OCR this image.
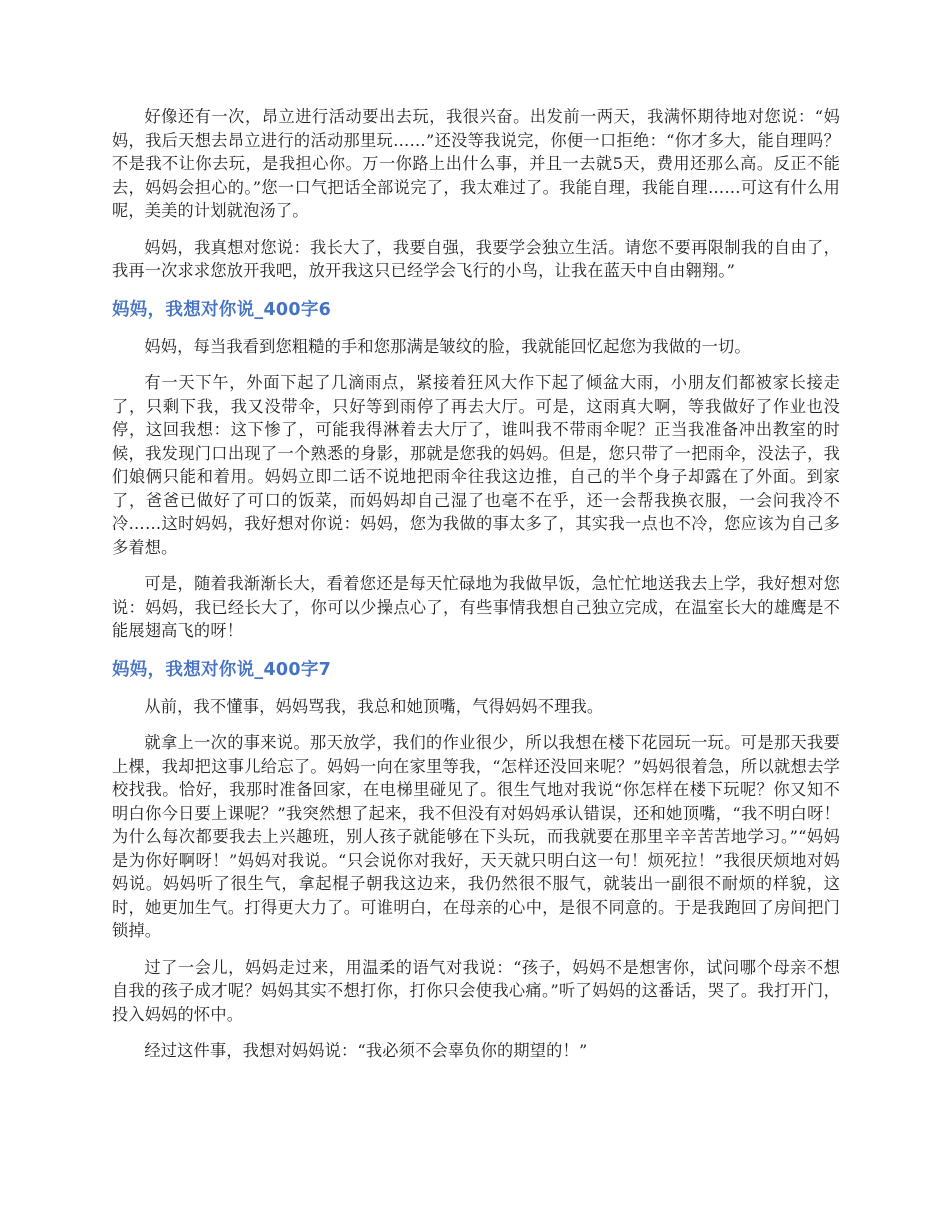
好像还有一次，昂立进行活动要出去玩，我很兴奋。出发前一两天，我满怀期待地对您说：“妈妈，我后天想去昂立进行的活动那里玩……”还没等我说完，你便一口拒绝：“你才多大，能自理吗？不是我不让你去玩，是我担心你。万一你路上出什么事，并且一去就5天，费用还那么高。反正不能去，妈妈会担心的。”您一口气把话全部说完了，我太难过了。我能自理，我能自理……可这有什么用呢，美美的计划就泡汤了。

妈妈，我真想对您说：我长大了，我要自强，我要学会独立生活。请您不要再限制我的自由了，我再一次求求您放开我吧，放开我这只已经学会飞行的小鸟，让我在蓝天中自由翱翔。”

妈妈，我想对你说_400字6

妈妈，每当我看到您粗糙的手和您那满是皱纹的脸，我就能回忆起您为我做的一切。

有一天下午，外面下起了几滴雨点，紧接着狂风大作下起了倾盆大雨，小朋友们都被家长接走了，只剩下我，我又没带伞，只好等到雨停了再去大厅。可是，这雨真大啊，等我做好了作业也没停，这回我想：这下惨了，可能我得淋着去大厅了，谁叫我不带雨伞呢？正当我准备冲出教室的时候，我发现门口出现了一个熟悉的身影，那就是您我的妈妈。但是，您只带了一把雨伞，没法子，我们娘俩只能和着用。妈妈立即二话不说地把雨伞往我这边推，自己的半个身子却露在了外面。到家了，爸爸已做好了可口的饭菜，而妈妈却自己湿了也毫不在乎，还一会帮我换衣服，一会问我冷不冷……这时妈妈，我好想对你说：妈妈，您为我做的事太多了，其实我一点也不冷，您应该为自己多多着想。

可是，随着我渐渐长大，看着您还是每天忙碌地为我做早饭，急忙忙地送我去上学，我好想对您说：妈妈，我已经长大了，你可以少操点心了，有些事情我想自己独立完成，在温室长大的雄鹰是不能展翅高飞的呀！

妈妈，我想对你说_400字7

从前，我不懂事，妈妈骂我，我总和她顶嘴，气得妈妈不理我。

就拿上一次的事来说。那天放学，我们的作业很少，所以我想在楼下花园玩一玩。可是那天我要上棵，我却把这事儿给忘了。妈妈一向在家里等我，“怎样还没回来呢？”妈妈很着急，所以就想去学校找我。恰好，我那时准备回家，在电梯里碰见了。很生气地对我说“你怎样在楼下玩呢？你又知不明白你今日要上课呢？”我突然想了起来，我不但没有对妈妈承认错误，还和她顶嘴，“我不明白呀！为什么每次都要我去上兴趣班，别人孩子就能够在下头玩，而我就要在那里辛辛苦苦地学习。”“妈妈是为你好啊呀！”妈妈对我说。“只会说你对我好，天天就只明白这一句！烦死拉！”我很厌烦地对妈妈说。妈妈听了很生气，拿起棍子朝我这边来，我仍然很不服气，就装出一副很不耐烦的样貌，这时，她更加生气。打得更大力了。可谁明白，在母亲的心中，是很不同意的。于是我跑回了房间把门锁掉。

过了一会儿，妈妈走过来，用温柔的语气对我说：“孩子，妈妈不是想害你，试问哪个母亲不想自我的孩子成才呢？妈妈其实不想打你，打你只会使我心痛。”听了妈妈的这番话，哭了。我打开门，投入妈妈的怀中。

经过这件事，我想对妈妈说：“我必须不会辜负你的期望的！”
